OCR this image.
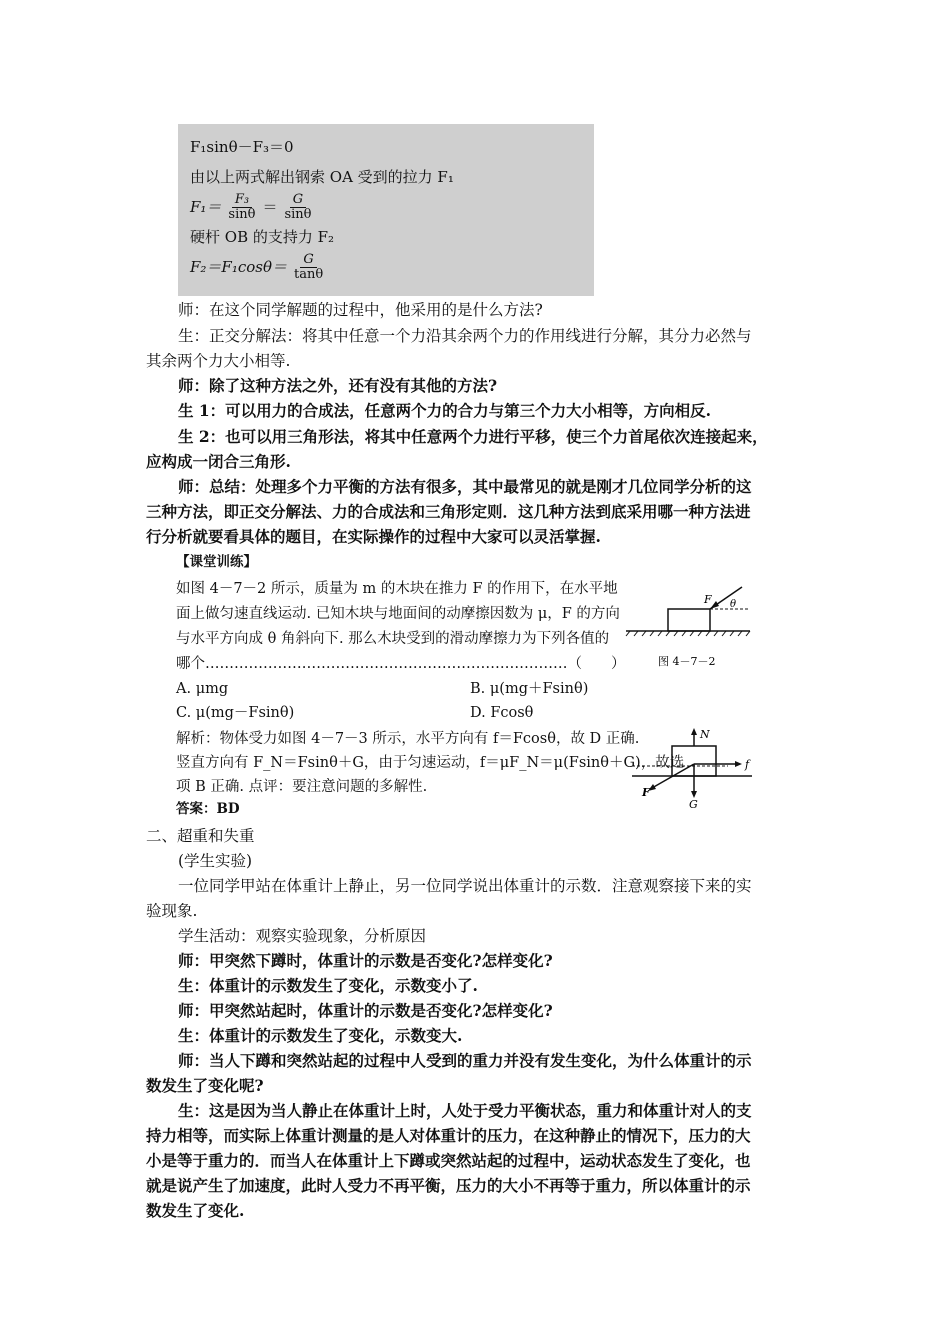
F₁sinθ－F₃＝0
由以上两式解出钢索 OA 受到的拉力 F₁
$F_1= \frac{\text{F₃}}{\sin\theta} = \frac{G}{\sin\theta}$
硬杆 OB 的支持力 F₂
$F_2=F_1\cos\theta= \frac{G}{\tan\theta}$
师：在这个同学解题的过程中，他采用的是什么方法?
生：正交分解法：将其中任意一个力沿其余两个力的作用线进行分解，其分力必然与
其余两个力大小相等.
师：除了这种方法之外，还有没有其他的方法?
生 1：可以用力的合成法，任意两个力的合力与第三个力大小相等，方向相反.
生 2：也可以用三角形法，将其中任意两个力进行平移，使三个力首尾依次连接起来，
应构成一闭合三角形.
师：总结：处理多个力平衡的方法有很多，其中最常见的就是刚才几位同学分析的这
三种方法，即正交分解法、力的合成法和三角形定则．这几种方法到底采用哪一种方法进
行分析就要看具体的题目，在实际操作的过程中大家可以灵活掌握.
【课堂训练】
如图 4－7－2 所示，质量为 m 的木块在推力 F 的作用下，在水平地
面上做匀速直线运动. 已知木块与地面间的动摩擦因数为 μ，F 的方向
与水平方向成 θ 角斜向下. 那么木块受到的滑动摩擦力为下列各值的
哪个…………………………………………………………………（　　）
A. μmg	B. μ(mg＋Fsinθ)
C. μ(mg－Fsinθ)	D. Fcosθ
解析：物体受力如图 4－7－3 所示，水平方向有 f＝Fcosθ，故 D 正确.
竖直方向有 F_N＝Fsinθ＋G，由于匀速运动，f＝μF_N＝μ(Fsinθ＋G)，故选
项 B 正确. 点评：要注意问题的多解性.
答案：BD
F θ
图 4－7－2
N
f
F
G
二、超重和失重
(学生实验)
一位同学甲站在体重计上静止，另一位同学说出体重计的示数．注意观察接下来的实
验现象.
学生活动：观察实验现象，分析原因
师：甲突然下蹲时，体重计的示数是否变化?怎样变化?
生：体重计的示数发生了变化，示数变小了.
师：甲突然站起时，体重计的示数是否变化?怎样变化?
生：体重计的示数发生了变化，示数变大.
师：当人下蹲和突然站起的过程中人受到的重力并没有发生变化，为什么体重计的示
数发生了变化呢?
生：这是因为当人静止在体重计上时，人处于受力平衡状态，重力和体重计对人的支
持力相等，而实际上体重计测量的是人对体重计的压力，在这种静止的情况下，压力的大
小是等于重力的．而当人在体重计上下蹲或突然站起的过程中，运动状态发生了变化，也
就是说产生了加速度，此时人受力不再平衡，压力的大小不再等于重力，所以体重计的示
数发生了变化.
